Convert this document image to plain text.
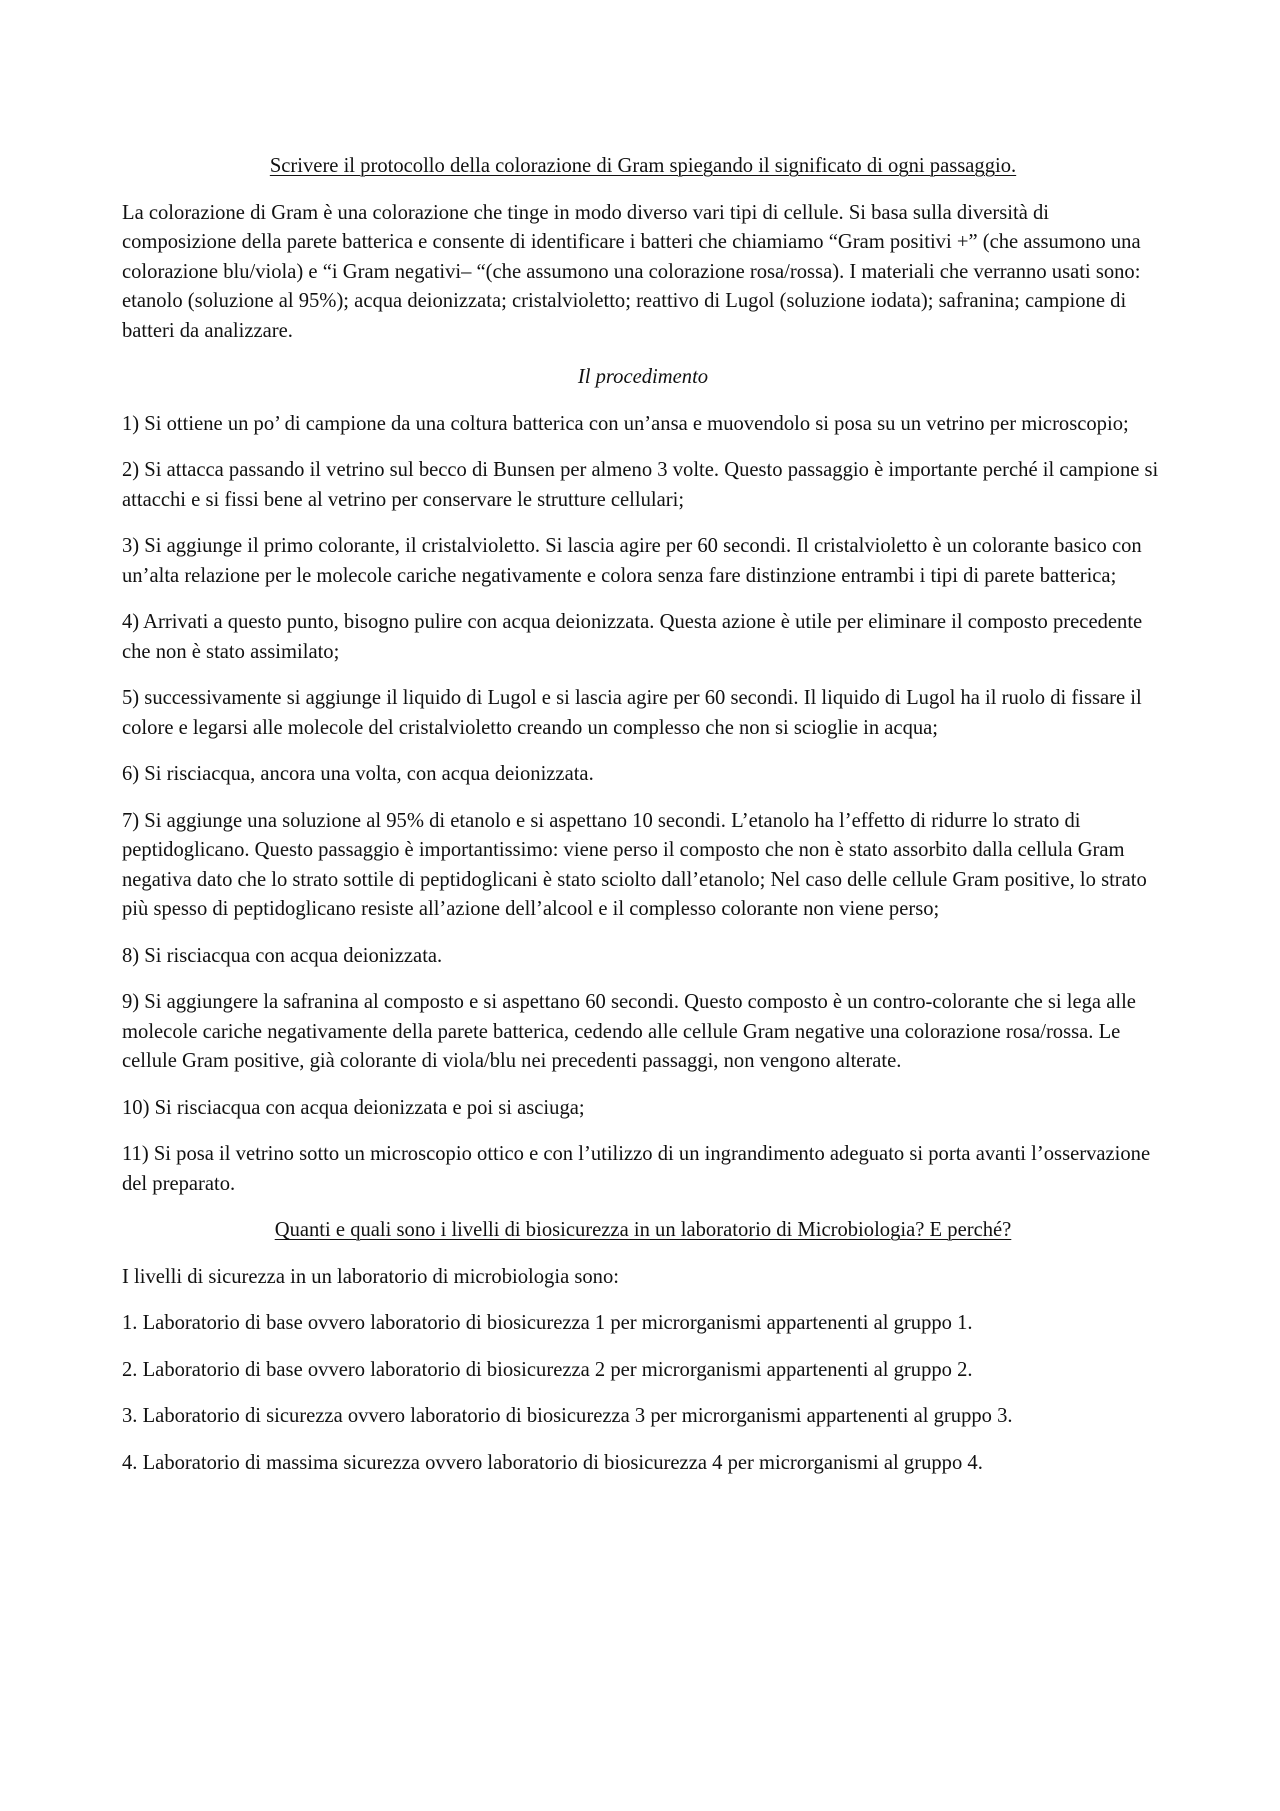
Scrivere il protocollo della colorazione di Gram spiegando il significato di ogni passaggio.

La colorazione di Gram è una colorazione che tinge in modo diverso vari tipi di cellule. Si basa sulla diversità di composizione della parete batterica e consente di identificare i batteri che chiamiamo “Gram positivi +” (che assumono una colorazione blu/viola) e “i Gram negativi– “(che assumono una colorazione rosa/rossa). I materiali che verranno usati sono: etanolo (soluzione al 95%); acqua deionizzata; cristalvioletto; reattivo di Lugol (soluzione iodata); safranina; campione di batteri da analizzare.

Il procedimento

1) Si ottiene un po’ di campione da una coltura batterica con un’ansa e muovendolo si posa su un vetrino per microscopio;

2) Si attacca passando il vetrino sul becco di Bunsen per almeno 3 volte. Questo passaggio è importante perché il campione si attacchi e si fissi bene al vetrino per conservare le strutture cellulari;

3) Si aggiunge il primo colorante, il cristalvioletto. Si lascia agire per 60 secondi. Il cristalvioletto è un colorante basico con un’alta relazione per le molecole cariche negativamente e colora senza fare distinzione entrambi i tipi di parete batterica;

4) Arrivati a questo punto, bisogno pulire con acqua deionizzata. Questa azione è utile per eliminare il composto precedente che non è stato assimilato;

5) successivamente si aggiunge il liquido di Lugol e si lascia agire per 60 secondi. Il liquido di Lugol ha il ruolo di fissare il colore e legarsi alle molecole del cristalvioletto creando un complesso che non si scioglie in acqua;

6) Si risciacqua, ancora una volta, con acqua deionizzata.

7) Si aggiunge una soluzione al 95% di etanolo e si aspettano 10 secondi. L’etanolo ha l’effetto di ridurre lo strato di peptidoglicano. Questo passaggio è importantissimo: viene perso il composto che non è stato assorbito dalla cellula Gram negativa dato che lo strato sottile di peptidoglicani è stato sciolto dall’etanolo; Nel caso delle cellule Gram positive, lo strato più spesso di peptidoglicano resiste all’azione dell’alcool e il complesso colorante non viene perso;

8) Si risciacqua con acqua deionizzata.

9) Si aggiungere la safranina al composto e si aspettano 60 secondi. Questo composto è un contro-colorante che si lega alle molecole cariche negativamente della parete batterica, cedendo alle cellule Gram negative una colorazione rosa/rossa. Le cellule Gram positive, già colorante di viola/blu nei precedenti passaggi, non vengono alterate.

10) Si risciacqua con acqua deionizzata e poi si asciuga;

11) Si posa il vetrino sotto un microscopio ottico e con l’utilizzo di un ingrandimento adeguato si porta avanti l’osservazione del preparato.

Quanti e quali sono i livelli di biosicurezza in un laboratorio di Microbiologia? E perché?

I livelli di sicurezza in un laboratorio di microbiologia sono:

1. Laboratorio di base ovvero laboratorio di biosicurezza 1 per microrganismi appartenenti al gruppo 1.

2. Laboratorio di base ovvero laboratorio di biosicurezza 2 per microrganismi appartenenti al gruppo 2.

3. Laboratorio di sicurezza ovvero laboratorio di biosicurezza 3 per microrganismi appartenenti al gruppo 3.

4. Laboratorio di massima sicurezza ovvero laboratorio di biosicurezza 4 per microrganismi al gruppo 4.
